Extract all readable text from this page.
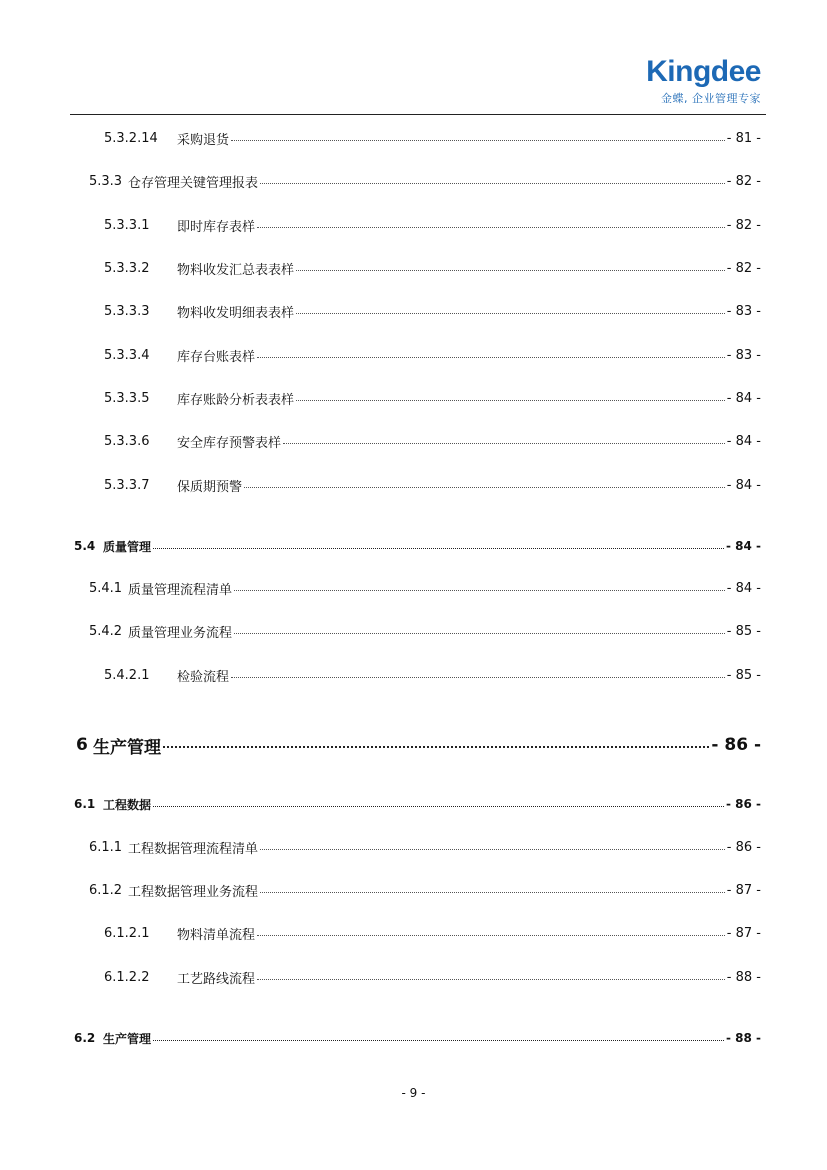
Kingdee
金蝶, 企业管理专家
5.3.2.14	采购退货	- 81 -
5.3.3 仓存管理关键管理报表	- 82 -
5.3.3.1	即时库存表样	- 82 -
5.3.3.2	物料收发汇总表表样	- 82 -
5.3.3.3	物料收发明细表表样	- 83 -
5.3.3.4	库存台账表样	- 83 -
5.3.3.5	库存账龄分析表表样	- 84 -
5.3.3.6	安全库存预警表样	- 84 -
5.3.3.7	保质期预警	- 84 -
5.4 质量管理	- 84 -
5.4.1 质量管理流程清单	- 84 -
5.4.2 质量管理业务流程	- 85 -
5.4.2.1	检验流程	- 85 -
6 生产管理	- 86 -
6.1 工程数据	- 86 -
6.1.1 工程数据管理流程清单	- 86 -
6.1.2 工程数据管理业务流程	- 87 -
6.1.2.1	物料清单流程	- 87 -
6.1.2.2	工艺路线流程	- 88 -
6.2 生产管理	- 88 -
- 9 -
